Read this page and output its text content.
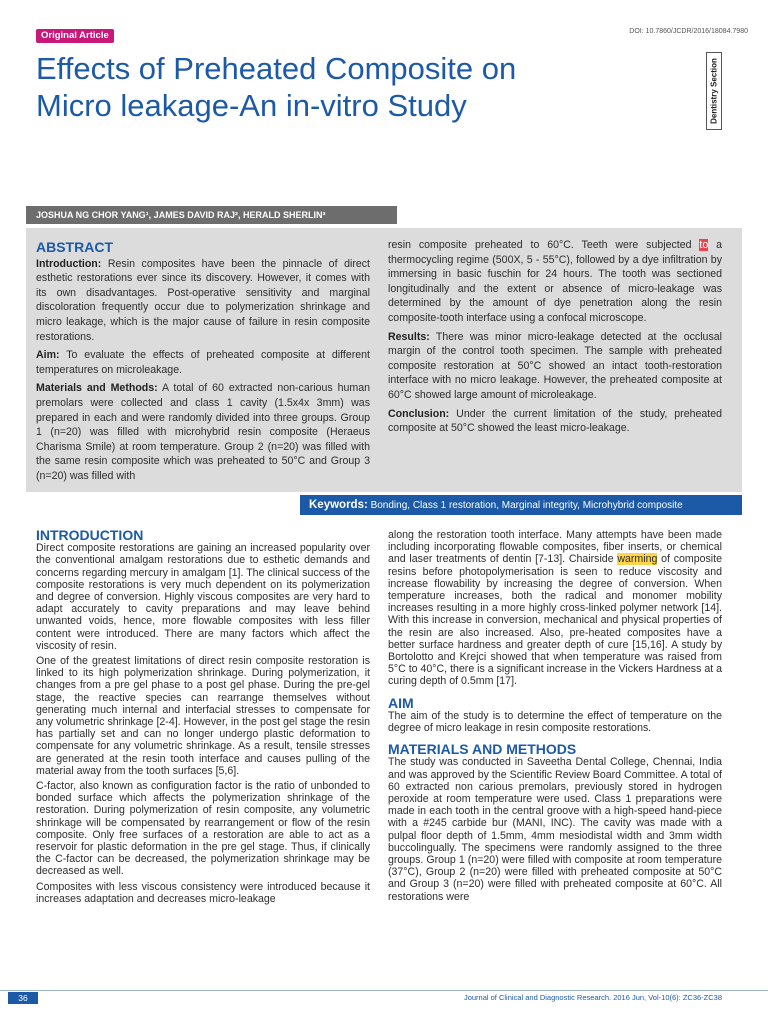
Original Article	DOI: 10.7860/JCDR/2016/18084.7980
Effects of Preheated Composite on Micro leakage-An in-vitro Study	Dentistry Section
JOSHUA NG CHOR YANG¹, JAMES DAVID RAJ², HERALD SHERLIN³
ABSTRACT

Introduction: Resin composites have been the pinnacle of direct esthetic restorations ever since its discovery. However, it comes with its own disadvantages. Post-operative sensitivity and marginal discoloration frequently occur due to polymerization shrinkage and micro leakage, which is the major cause of failure in resin composite restorations.

Aim: To evaluate the effects of preheated composite at different temperatures on microleakage.

Materials and Methods: A total of 60 extracted non-carious human premolars were collected and class 1 cavity (1.5x4x 3mm) was prepared in each and were randomly divided into three groups. Group 1 (n=20) was filled with microhybrid resin composite (Heraeus Charisma Smile) at room temperature. Group 2 (n=20) was filled with the same resin composite which was preheated to 50°C and Group 3 (n=20) was filled with

resin composite preheated to 60°C. Teeth were subjected to a thermocycling regime (500X, 5 - 55°C), followed by a dye infiltration by immersing in basic fuschin for 24 hours. The tooth was sectioned longitudinally and the extent or absence of micro-leakage was determined by the amount of dye penetration along the resin composite-tooth interface using a confocal microscope.

Results: There was minor micro-leakage detected at the occlusal margin of the control tooth specimen. The sample with preheated composite restoration at 50°C showed an intact tooth-restoration interface with no micro leakage. However, the preheated composite at 60°C showed large amount of microleakage.

Conclusion: Under the current limitation of the study, preheated composite at 50°C showed the least micro-leakage.

Keywords: Bonding, Class 1 restoration, Marginal integrity, Microhybrid composite
INTRODUCTION

Direct composite restorations are gaining an increased popularity over the conventional amalgam restorations due to esthetic demands and concerns regarding mercury in amalgam [1]. The clinical success of the composite restorations is very much dependent on its polymerization and degree of conversion. Highly viscous composites are very hard to adapt accurately to cavity preparations and may leave behind unwanted voids, hence, more flowable composites with less filler content were introduced. There are many factors which affect the viscosity of resin.

One of the greatest limitations of direct resin composite restoration is linked to its high polymerization shrinkage. During polymerization, it changes from a pre gel phase to a post gel phase. During the pre-gel stage, the reactive species can rearrange themselves without generating much internal and interfacial stresses to compensate for any volumetric shrinkage [2-4]. However, in the post gel stage the resin has partially set and can no longer undergo plastic deformation to compensate for any volumetric shrinkage. As a result, tensile stresses are generated at the resin tooth interface and causes pulling of the material away from the tooth surfaces [5,6].

C-factor, also known as configuration factor is the ratio of unbonded to bonded surface which affects the polymerization shrinkage of the restoration. During polymerization of resin composite, any volumetric shrinkage will be compensated by rearrangement or flow of the resin composite. Only free surfaces of a restoration are able to act as a reservoir for plastic deformation in the pre gel stage. Thus, if clinically the C-factor can be decreased, the polymerization shrinkage may be decreased as well.

Composites with less viscous consistency were introduced because it increases adaptation and decreases micro-leakage

along the restoration tooth interface. Many attempts have been made including incorporating flowable composites, fiber inserts, or chemical and laser treatments of dentin [7-13]. Chairside warming of composite resins before photopolymerisation is seen to reduce viscosity and increase flowability by increasing the degree of conversion. When temperature increases, both the radical and monomer mobility increases resulting in a more highly cross-linked polymer network [14]. With this increase in conversion, mechanical and physical properties of the resin are also increased. Also, pre-heated composites have a better surface hardness and greater depth of cure [15,16]. A study by Bortolotto and Krejci showed that when temperature was raised from 5°C to 40°C, there is a significant increase in the Vickers Hardness at a curing depth of 0.5mm [17].

AIM

The aim of the study is to determine the effect of temperature on the degree of micro leakage in resin composite restorations.

MATERIALS AND METHODS

The study was conducted in Saveetha Dental College, Chennai, India and was approved by the Scientific Review Board Committee. A total of 60 extracted non carious premolars, previously stored in hydrogen peroxide at room temperature were used. Class 1 preparations were made in each tooth in the central groove with a high-speed hand-piece with a #245 carbide bur (MANI, INC). The cavity was made with a pulpal floor depth of 1.5mm, 4mm mesiodistal width and 3mm width buccolingually. The specimens were randomly assigned to the three groups. Group 1 (n=20) were filled with composite at room temperature (37°C), Group 2 (n=20) were filled with preheated composite at 50°C and Group 3 (n=20) were filled with preheated composite at 60°C. All restorations were

36	Journal of Clinical and Diagnostic Research. 2016 Jun, Vol-10(6): ZC36-ZC38
